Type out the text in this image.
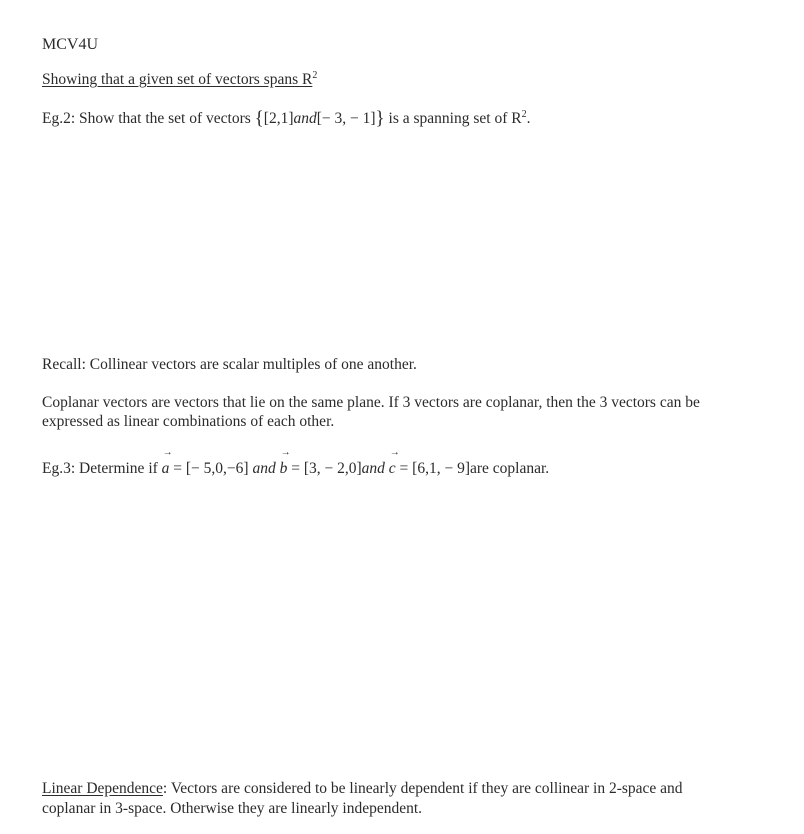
MCV4U
Showing that a given set of vectors spans $R^2$
Eg.2: Show that the set of vectors {[2,1]and[− 3, − 1]} is a spanning set of $R^2$.
Recall: Collinear vectors are scalar multiples of one another.
Coplanar vectors are vectors that lie on the same plane. If 3 vectors are coplanar, then the 3 vectors can be
expressed as linear combinations of each other.
Eg.3: Determine if
→
a = [− 5,0,−6] and
→
b = [3, − 2,0]and
→
c = [6,1, − 9]are coplanar.
Linear Dependence: Vectors are considered to be linearly dependent if they are collinear in 2-space and
coplanar in 3-space. Otherwise they are linearly independent.
